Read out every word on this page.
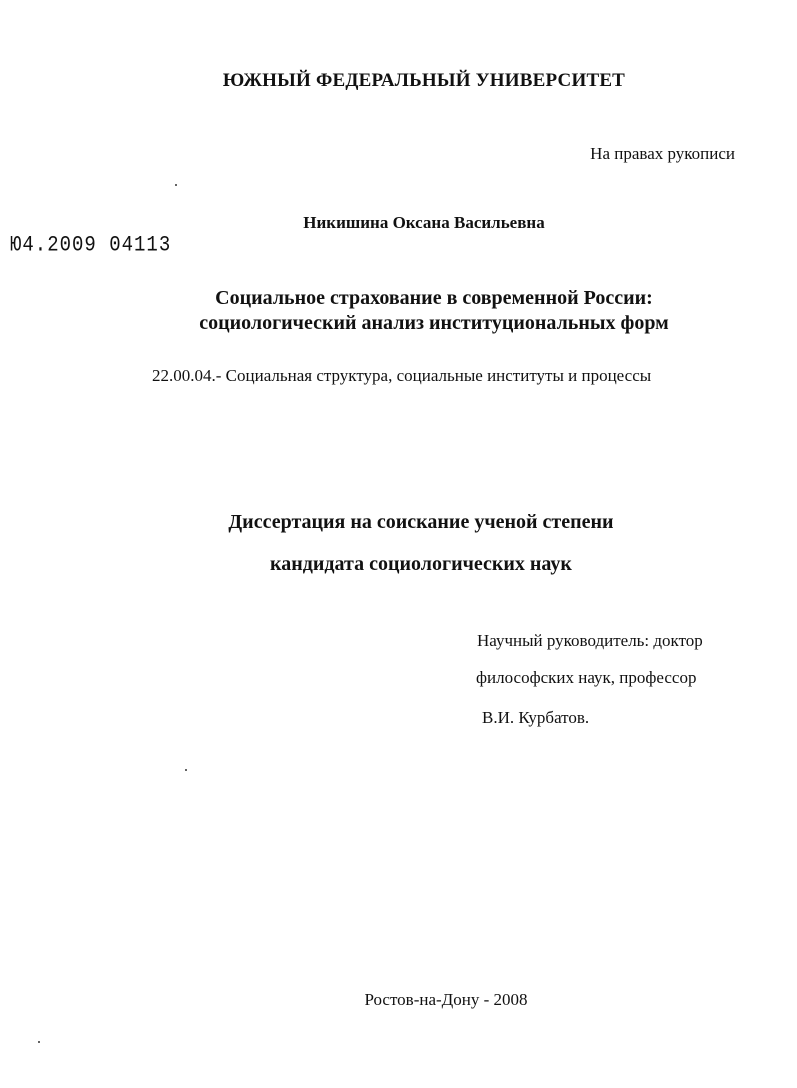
ЮЖНЫЙ ФЕДЕРАЛЬНЫЙ УНИВЕРСИТЕТ
На правах рукописи
Никишина Оксана Васильевна
Ю4.2009 04113
Социальное страхование в современной России:
социологический анализ институциональных форм
22.00.04.- Социальная структура, социальные институты и процессы
Диссертация на соискание ученой степени
кандидата социологических наук
Научный руководитель: доктор
философских наук, профессор
В.И. Курбатов.
Ростов-на-Дону - 2008
